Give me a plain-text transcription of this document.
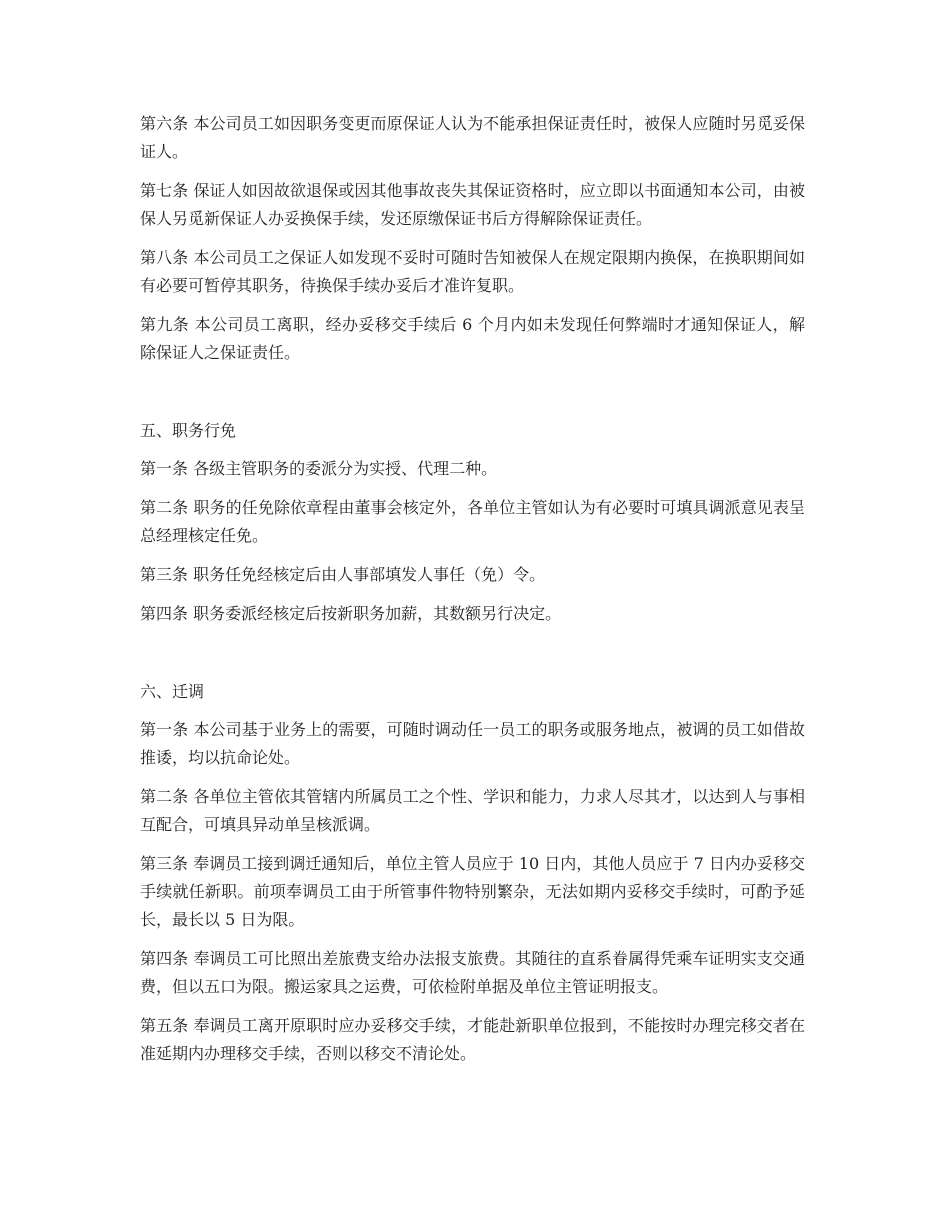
第六条 本公司员工如因职务变更而原保证人认为不能承担保证责任时，被保人应随时另觅妥保证人。

第七条 保证人如因故欲退保或因其他事故丧失其保证资格时，应立即以书面通知本公司，由被保人另觅新保证人办妥换保手续，发还原缴保证书后方得解除保证责任。

第八条 本公司员工之保证人如发现不妥时可随时告知被保人在规定限期内换保，在换职期间如有必要可暂停其职务，待换保手续办妥后才准许复职。

第九条 本公司员工离职，经办妥移交手续后 6 个月内如未发现任何弊端时才通知保证人，解除保证人之保证责任。

五、职务行免

第一条 各级主管职务的委派分为实授、代理二种。

第二条 职务的任免除依章程由董事会核定外，各单位主管如认为有必要时可填具调派意见表呈总经理核定任免。

第三条 职务任免经核定后由人事部填发人事任（免）令。

第四条 职务委派经核定后按新职务加薪，其数额另行决定。

六、迁调

第一条 本公司基于业务上的需要，可随时调动任一员工的职务或服务地点，被调的员工如借故推诿，均以抗命论处。

第二条 各单位主管依其管辖内所属员工之个性、学识和能力，力求人尽其才，以达到人与事相互配合，可填具异动单呈核派调。

第三条 奉调员工接到调迁通知后，单位主管人员应于 10 日内，其他人员应于 7 日内办妥移交手续就任新职。前项奉调员工由于所管事件物特别繁杂，无法如期内妥移交手续时，可酌予延长，最长以 5 日为限。

第四条 奉调员工可比照出差旅费支给办法报支旅费。其随往的直系眷属得凭乘车证明实支交通费，但以五口为限。搬运家具之运费，可依检附单据及单位主管证明报支。

第五条 奉调员工离开原职时应办妥移交手续，才能赴新职单位报到，不能按时办理完移交者在准延期内办理移交手续，否则以移交不清论处。
